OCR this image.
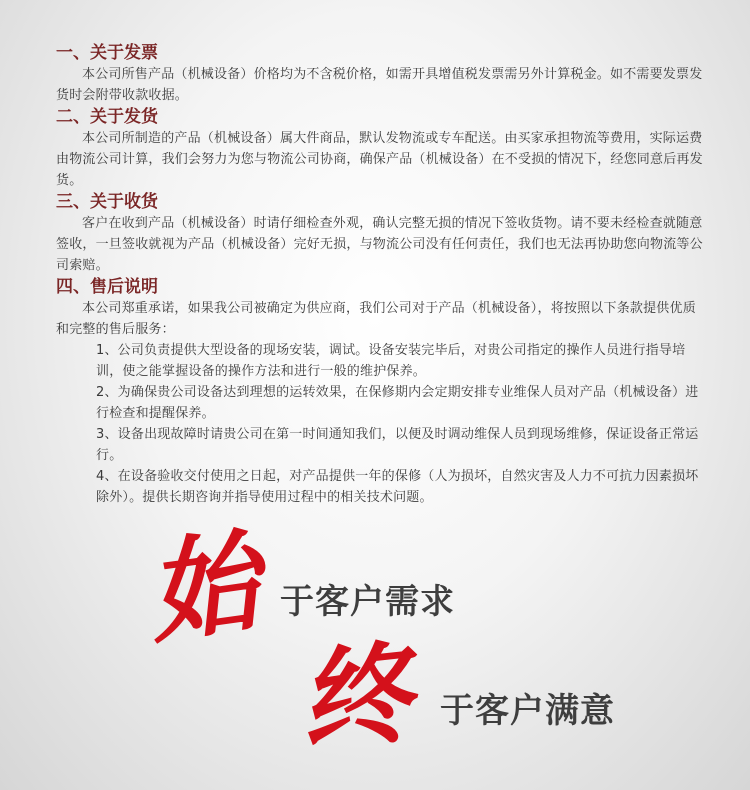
一、关于发票

本公司所售产品（机械设备）价格均为不含税价格，如需开具增值税发票需另外计算税金。如不需要发票发货时会附带收款收据。

二、关于发货

本公司所制造的产品（机械设备）属大件商品，默认发物流或专车配送。由买家承担物流等费用，实际运费由物流公司计算，我们会努力为您与物流公司协商，确保产品（机械设备）在不受损的情况下，经您同意后再发货。

三、关于收货

客户在收到产品（机械设备）时请仔细检查外观，确认完整无损的情况下签收货物。请不要未经检查就随意签收，一旦签收就视为产品（机械设备）完好无损，与物流公司没有任何责任，我们也无法再协助您向物流等公司索赔。

四、售后说明

本公司郑重承诺，如果我公司被确定为供应商，我们公司对于产品（机械设备），将按照以下条款提供优质和完整的售后服务：

1、公司负责提供大型设备的现场安装，调试。设备安装完毕后，对贵公司指定的操作人员进行指导培训，使之能掌握设备的操作方法和进行一般的维护保养。

2、为确保贵公司设备达到理想的运转效果，在保修期内会定期安排专业维保人员对产品（机械设备）进行检查和提醒保养。

3、设备出现故障时请贵公司在第一时间通知我们，以便及时调动维保人员到现场维修，保证设备正常运行。

4、在设备验收交付使用之日起，对产品提供一年的保修（人为损坏，自然灾害及人力不可抗力因素损坏除外）。提供长期咨询并指导使用过程中的相关技术问题。

始 于客户需求
终 于客户满意
